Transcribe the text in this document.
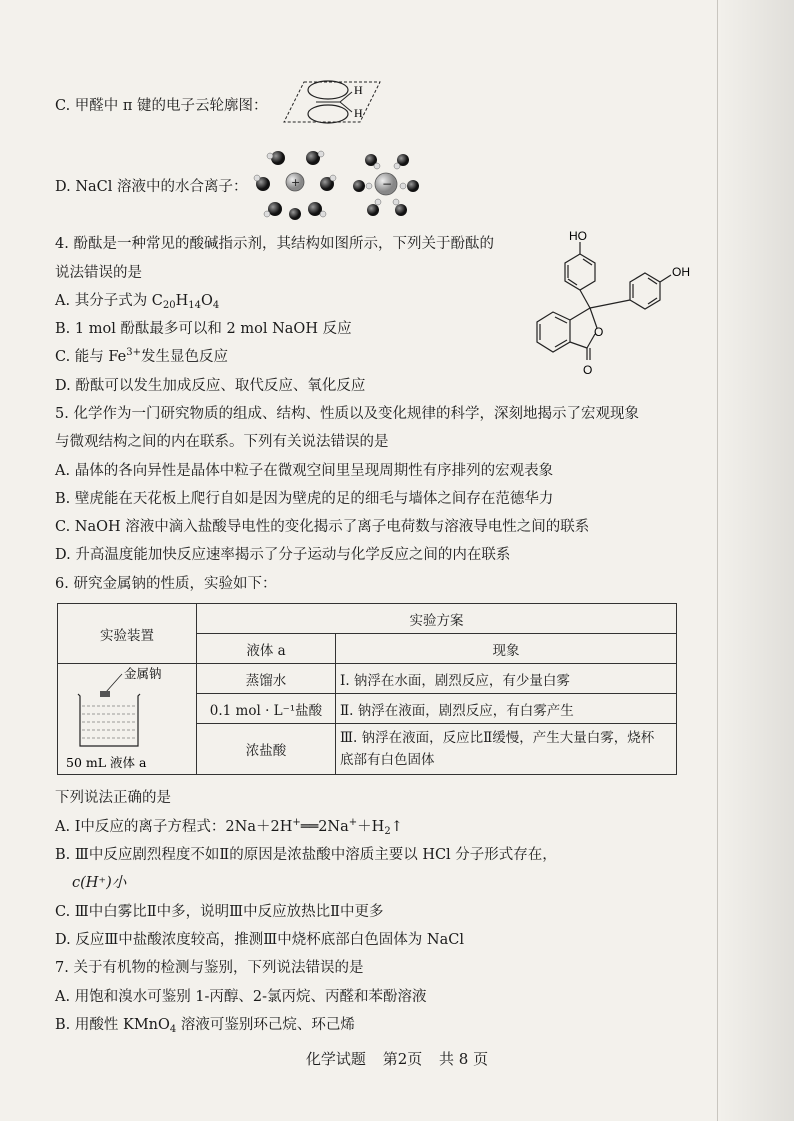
C. 甲醛中 π 键的电子云轮廓图：
H
H
D. NaCl 溶液中的水合离子：	+	−
4. 酚酞是一种常见的酸碱指示剂，其结构如图所示，下列关于酚酞的
说法错误的是
A. 其分子式为 $C_{20}H_{14}O_4$
B. 1 mol 酚酞最多可以和 2 mol NaOH 反应
C. 能与 $Fe^{3+}$发生显色反应
D. 酚酞可以发生加成反应、取代反应、氧化反应
HO
OH
O
O
5. 化学作为一门研究物质的组成、结构、性质以及变化规律的科学，深刻地揭示了宏观现象
与微观结构之间的内在联系。下列有关说法错误的是
A. 晶体的各向异性是晶体中粒子在微观空间里呈现周期性有序排列的宏观表象
B. 壁虎能在天花板上爬行自如是因为壁虎的足的细毛与墙体之间存在范德华力
C. NaOH 溶液中滴入盐酸导电性的变化揭示了离子电荷数与溶液导电性之间的联系
D. 升高温度能加快反应速率揭示了分子运动与化学反应之间的内在联系
6. 研究金属钠的性质，实验如下：
实验装置	实验方案	
	液体 a	现象

金属钠
50 mL 液体 a	蒸馏水	Ⅰ. 钠浮在水面，剧烈反应，有少量白雾
	0.1 mol · L⁻¹盐酸	Ⅱ. 钠浮在液面，剧烈反应，有白雾产生
	浓盐酸	Ⅲ. 钠浮在液面，反应比Ⅱ缓慢，产生大量白雾，烧杯
底部有白色固体
下列说法正确的是
A. Ⅰ中反应的离子方程式：$2Na+2H^+══2Na^++H_2↑$
B. Ⅲ中反应剧烈程度不如Ⅱ的原因是浓盐酸中溶质主要以 HCl 分子形式存在，
c(H⁺)小
C. Ⅲ中白雾比Ⅱ中多，说明Ⅲ中反应放热比Ⅱ中更多
D. 反应Ⅲ中盐酸浓度较高，推测Ⅲ中烧杯底部白色固体为 NaCl
7. 关于有机物的检测与鉴别，下列说法错误的是
A. 用饱和溴水可鉴别 1-丙醇、2-氯丙烷、丙醛和苯酚溶液
B. 用酸性 KMnO$_4$ 溶液可鉴别环己烷、环己烯
化学试题 第2页 共 8 页
